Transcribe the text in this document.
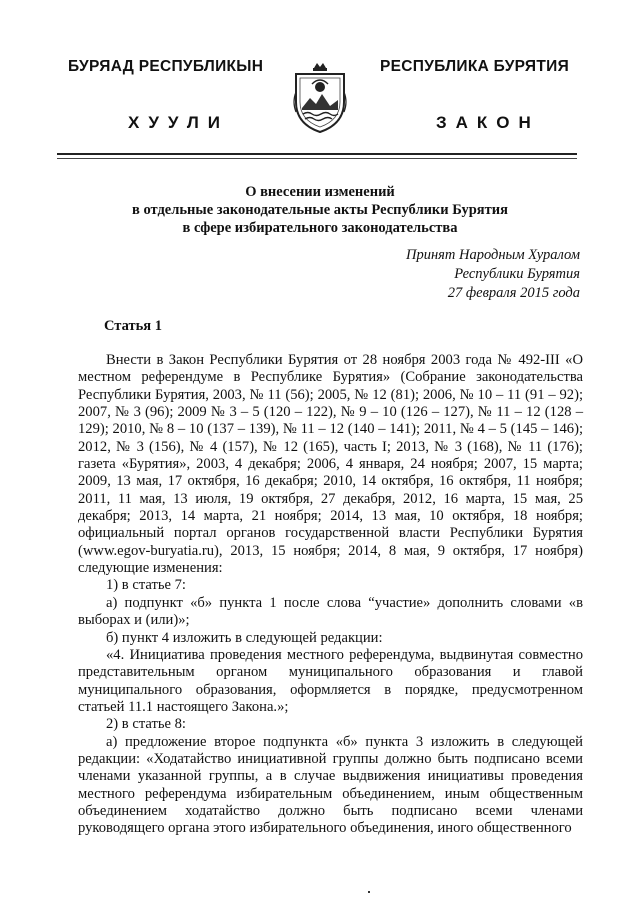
БУРЯАД РЕСПУБЛИКЫН	РЕСПУБЛИКА БУРЯТИЯ
ХУУЛИ	ЗАКОН
О внесении изменений
в отдельные законодательные акты Республики Бурятия
в сфере избирательного законодательства
Принят Народным Хуралом
Республики Бурятия
27 февраля 2015 года
Статья 1

Внести в Закон Республики Бурятия от 28 ноября 2003 года № 492-III «О местном референдуме в Республике Бурятия» (Собрание законодательства Республики Бурятия, 2003, № 11 (56); 2005, № 12 (81); 2006, № 10 – 11 (91 – 92); 2007, № 3 (96); 2009 № 3 – 5 (120 – 122), № 9 – 10 (126 – 127), № 11 – 12 (128 – 129); 2010, № 8 – 10 (137 – 139), № 11 – 12 (140 – 141); 2011, № 4 – 5 (145 – 146); 2012, № 3 (156), № 4 (157), № 12 (165), часть I; 2013, № 3 (168), № 11 (176); газета «Бурятия», 2003, 4 декабря; 2006, 4 января, 24 ноября; 2007, 15 марта; 2009, 13 мая, 17 октября, 16 декабря; 2010, 14 октября, 16 октября, 11 ноября; 2011, 11 мая, 13 июля, 19 октября, 27 декабря, 2012, 16 марта, 15 мая, 25 декабря; 2013, 14 марта, 21 ноября; 2014, 13 мая, 10 октября, 18 ноября; официальный портал органов государственной власти Республики Бурятия (www.egov-buryatia.ru), 2013, 15 ноября; 2014, 8 мая, 9 октября, 17 ноября) следующие изменения:

1) в статье 7:

а) подпункт «б» пункта 1 после слова “участие» дополнить словами «в выборах и (или)»;

б) пункт 4 изложить в следующей редакции:

«4. Инициатива проведения местного референдума, выдвинутая совместно представительным органом муниципального образования и главой муниципального образования, оформляется в порядке, предусмотренном статьей 11.1 настоящего Закона.»;

2) в статье 8:

а) предложение второе подпункта «б» пункта 3 изложить в следующей редакции: «Ходатайство инициативной группы должно быть подписано всеми членами указанной группы, а в случае выдвижения инициативы проведения местного референдума избирательным объединением, иным общественным объединением ходатайство должно быть подписано всеми членами руководящего органа этого избирательного объединения, иного общественного
